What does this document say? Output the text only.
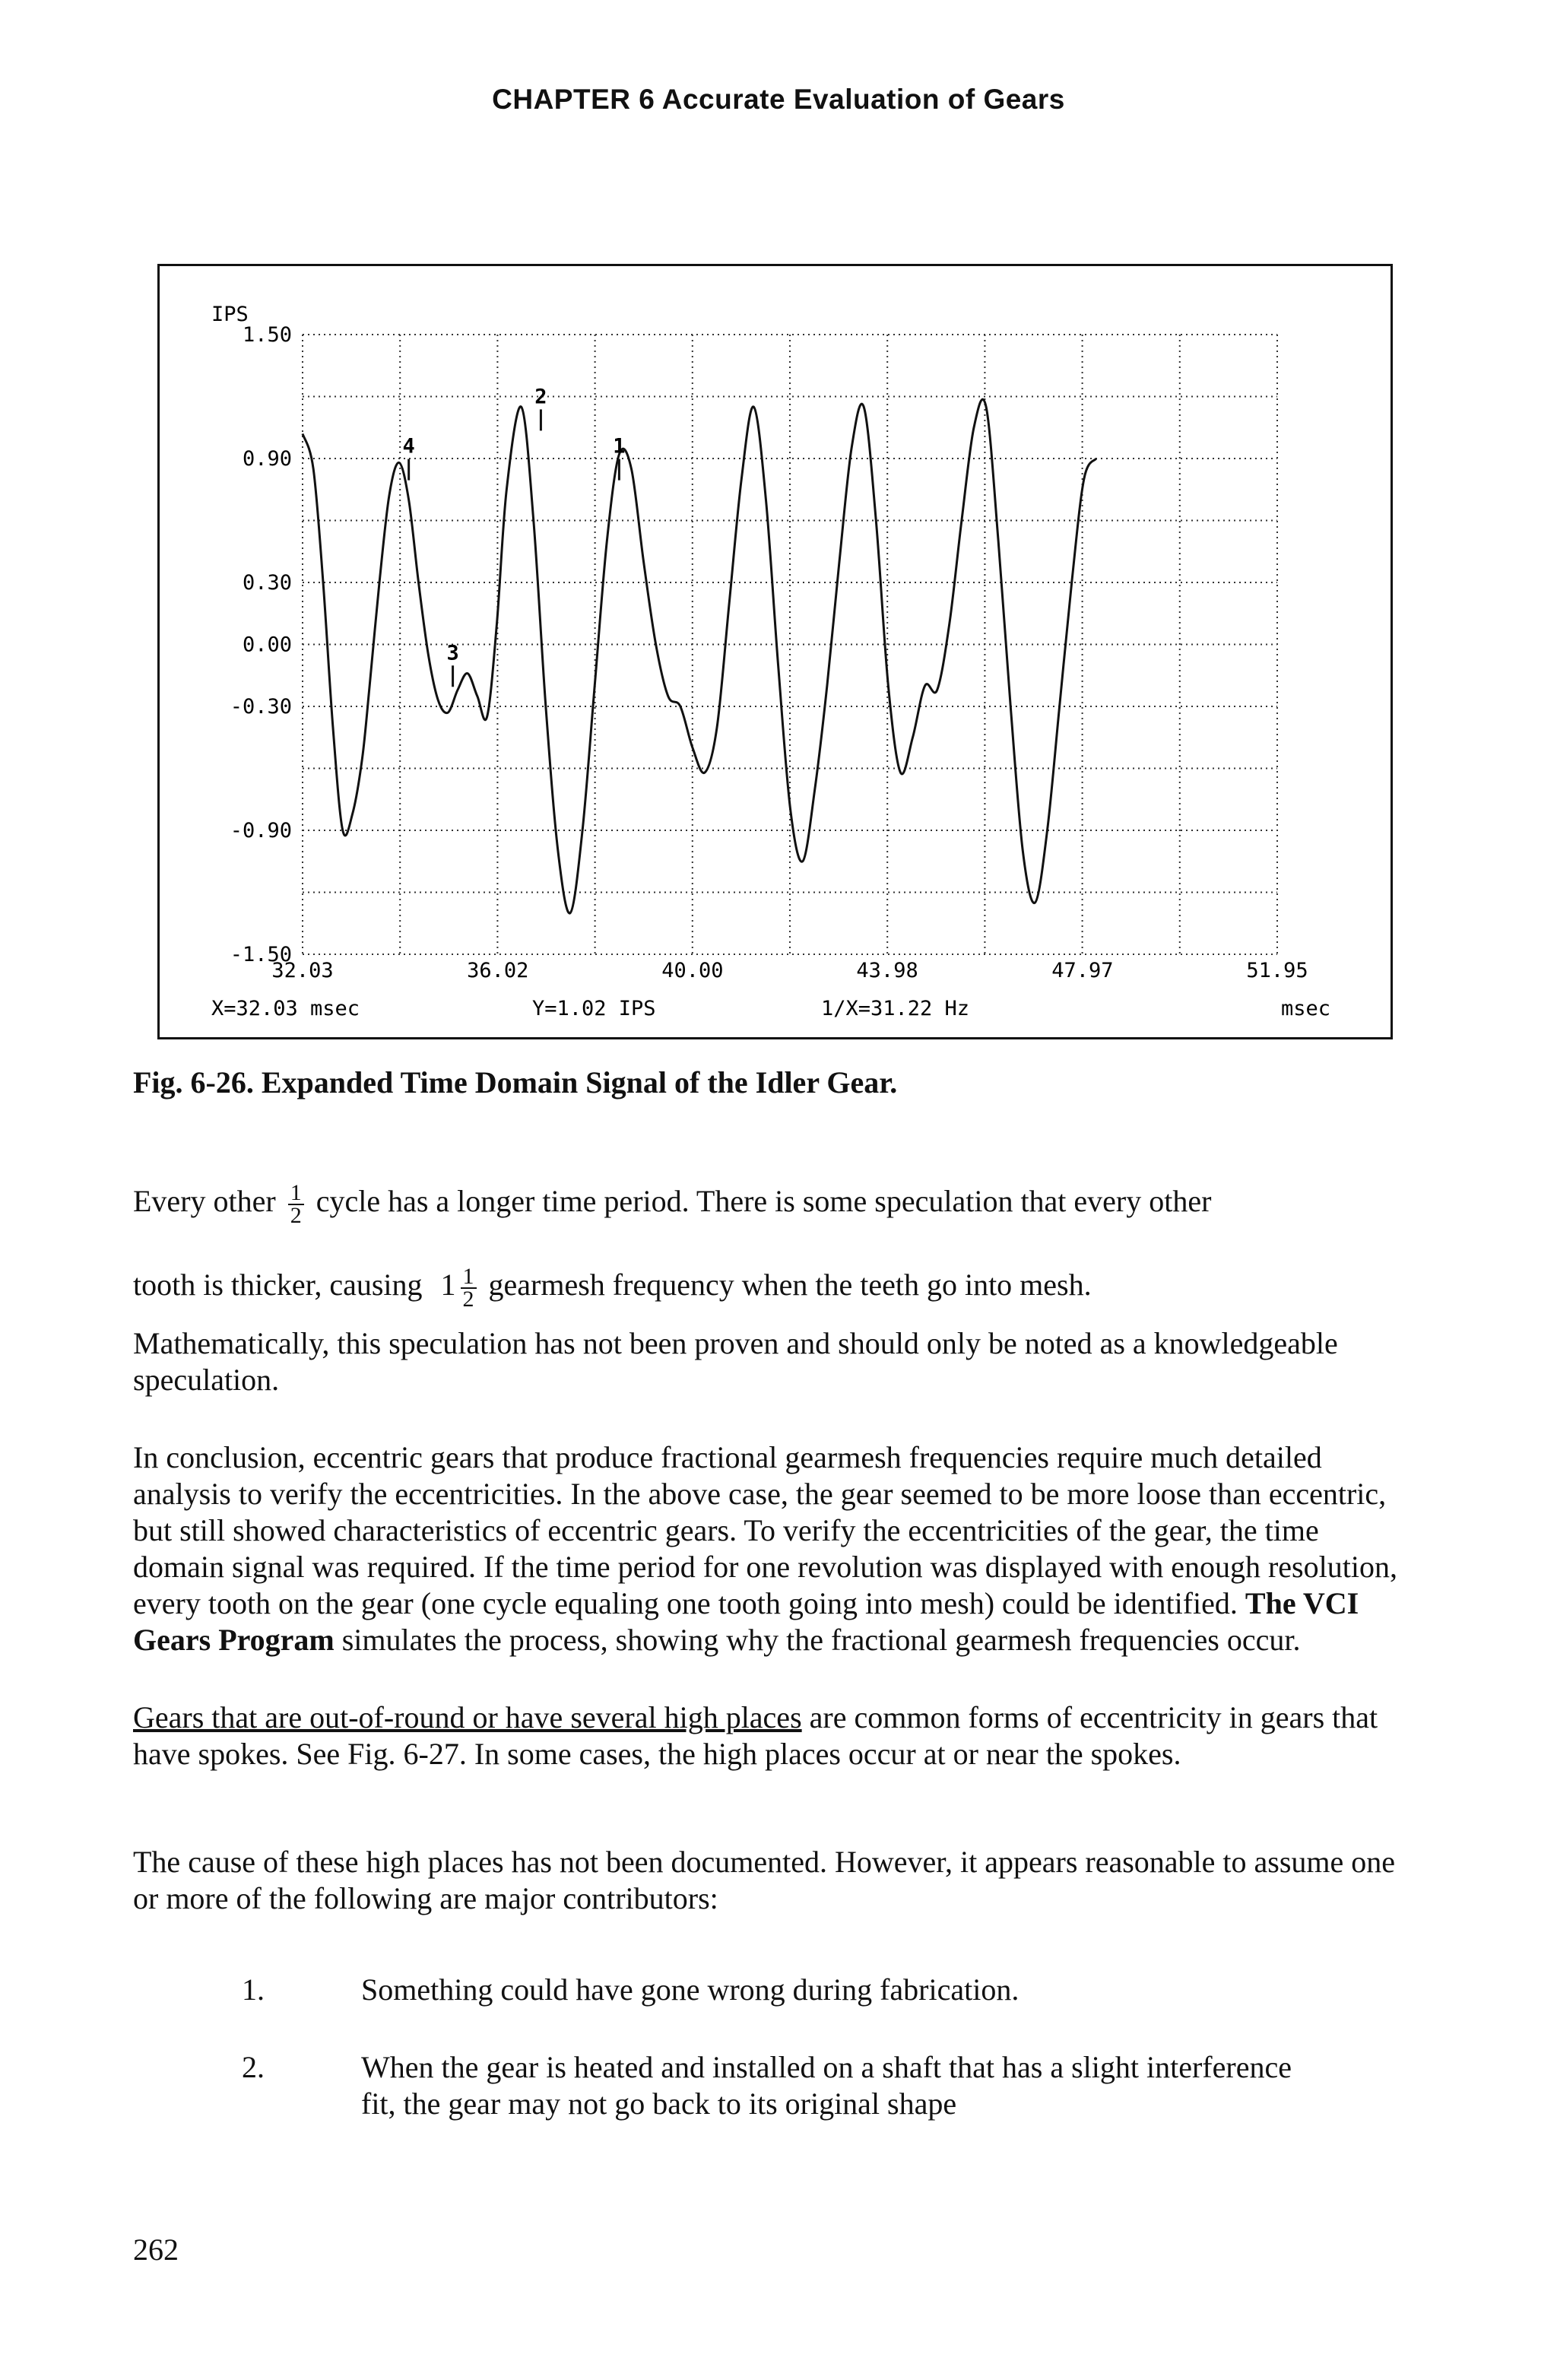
CHAPTER 6 Accurate Evaluation of Gears
IPS
1.50
0.90
0.30
0.00
-0.30
-0.90
-1.50
32.03	36.02	40.00	43.98	47.97	51.95
2
4	1
3
X=32.03 msec	Y=1.02 IPS	1/X=31.22 Hz	msec
Fig. 6-26. Expanded Time Domain Signal of the Idler Gear.
Every other $\frac{1}{2}$ cycle has a longer time period. There is some speculation that every other
tooth is thicker, causing $1 \frac{1}{2}$ gearmesh frequency when the teeth go into mesh.
Mathematically, this speculation has not been proven and should only be noted as a knowledgeable speculation.
In conclusion, eccentric gears that produce fractional gearmesh frequencies require much detailed analysis to verify the eccentricities. In the above case, the gear seemed to be more loose than eccentric, but still showed characteristics of eccentric gears. To verify the eccentricities of the gear, the time domain signal was required. If the time period for one revolution was displayed with enough resolution, every tooth on the gear (one cycle equaling one tooth going into mesh) could be identified. The VCI Gears Program simulates the process, showing why the fractional gearmesh frequencies occur.
Gears that are out-of-round or have several high places are common forms of eccentricity in gears that have spokes. See Fig. 6-27. In some cases, the high places occur at or near the spokes.
The cause of these high places has not been documented. However, it appears reasonable to assume one or more of the following are major contributors:
1.	Something could have gone wrong during fabrication.
2.	When the gear is heated and installed on a shaft that has a slight interference fit, the gear may not go back to its original shape
262
